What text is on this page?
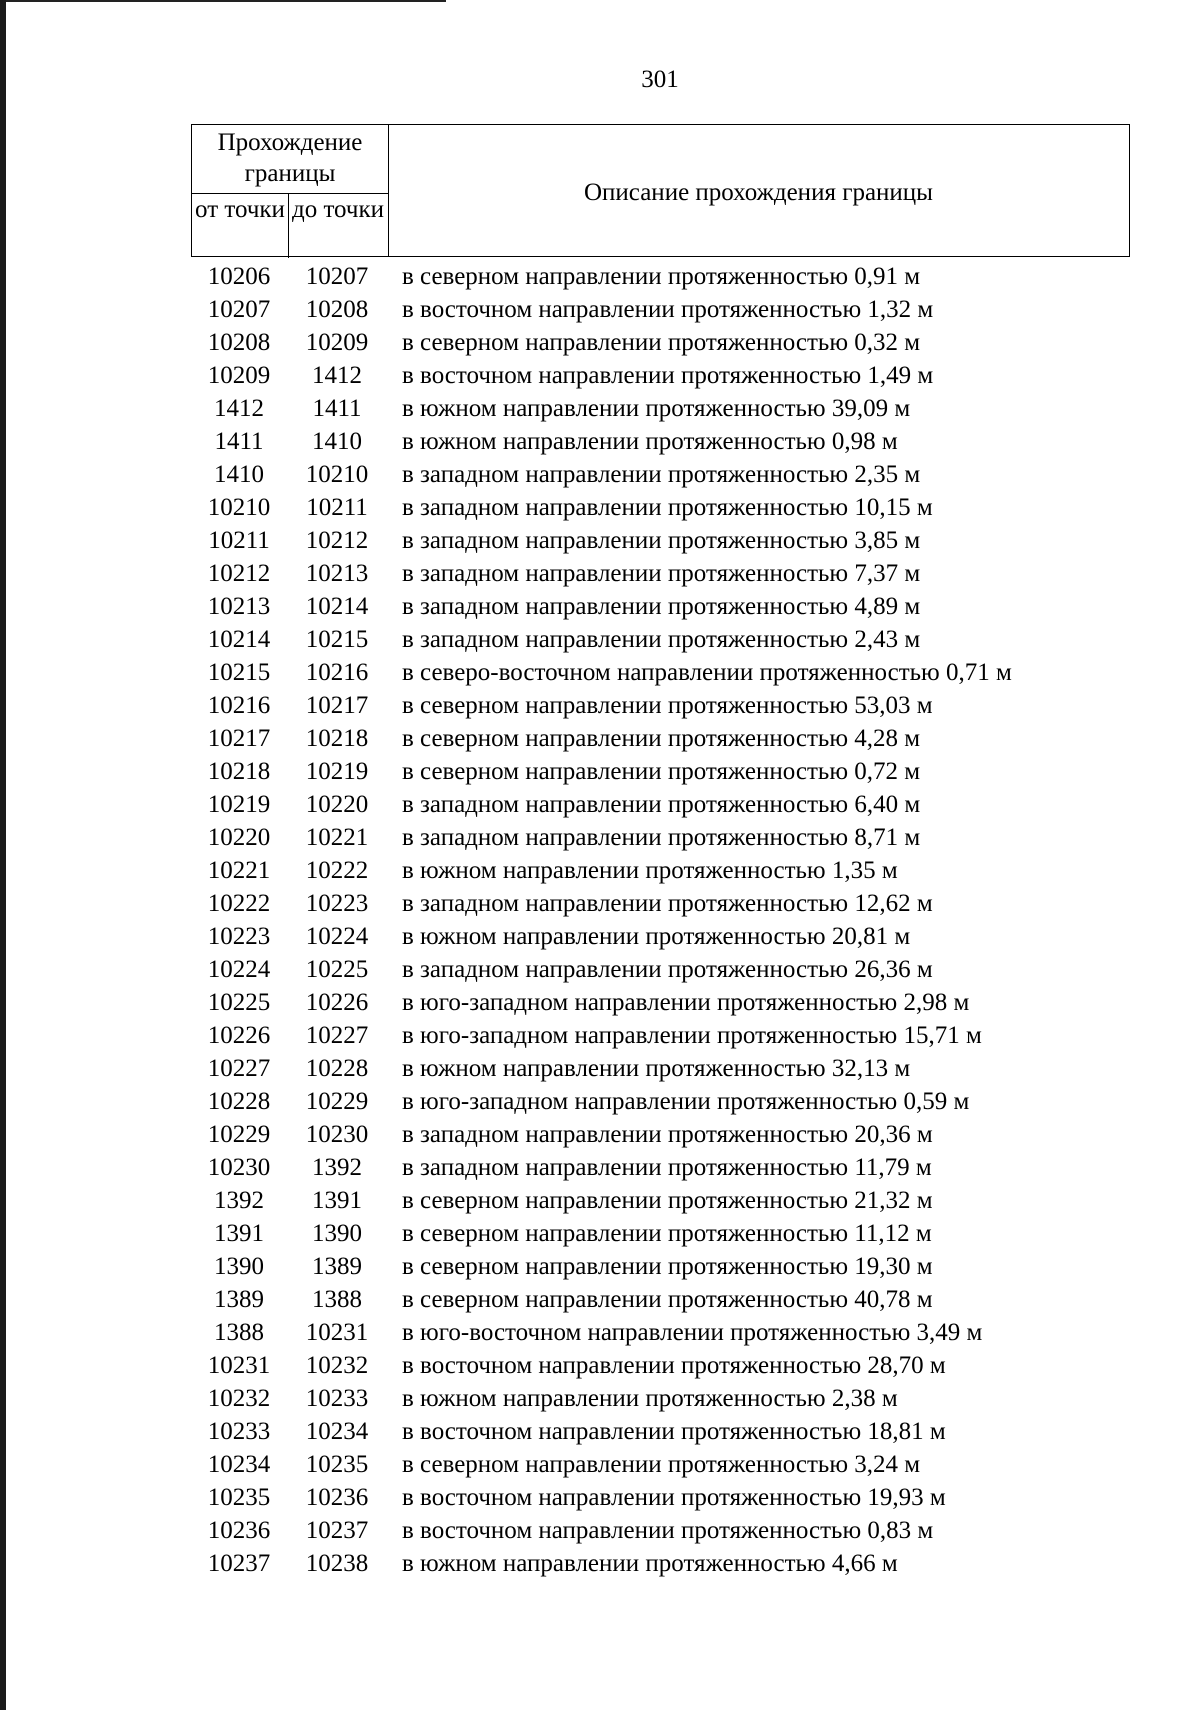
301
Прохождение границы
от точки до точки
Описание прохождения границы
10206	10207	в северном направлении протяженностью 0,91 м
10207	10208	в восточном направлении протяженностью 1,32 м
10208	10209	в северном направлении протяженностью 0,32 м
10209	1412	в восточном направлении протяженностью 1,49 м
1412	1411	в южном направлении протяженностью 39,09 м
1411	1410	в южном направлении протяженностью 0,98 м
1410	10210	в западном направлении протяженностью 2,35 м
10210	10211	в западном направлении протяженностью 10,15 м
10211	10212	в западном направлении протяженностью 3,85 м
10212	10213	в западном направлении протяженностью 7,37 м
10213	10214	в западном направлении протяженностью 4,89 м
10214	10215	в западном направлении протяженностью 2,43 м
10215	10216	в северо-восточном направлении протяженностью 0,71 м
10216	10217	в северном направлении протяженностью 53,03 м
10217	10218	в северном направлении протяженностью 4,28 м
10218	10219	в северном направлении протяженностью 0,72 м
10219	10220	в западном направлении протяженностью 6,40 м
10220	10221	в западном направлении протяженностью 8,71 м
10221	10222	в южном направлении протяженностью 1,35 м
10222	10223	в западном направлении протяженностью 12,62 м
10223	10224	в южном направлении протяженностью 20,81 м
10224	10225	в западном направлении протяженностью 26,36 м
10225	10226	в юго-западном направлении протяженностью 2,98 м
10226	10227	в юго-западном направлении протяженностью 15,71 м
10227	10228	в южном направлении протяженностью 32,13 м
10228	10229	в юго-западном направлении протяженностью 0,59 м
10229	10230	в западном направлении протяженностью 20,36 м
10230	1392	в западном направлении протяженностью 11,79 м
1392	1391	в северном направлении протяженностью 21,32 м
1391	1390	в северном направлении протяженностью 11,12 м
1390	1389	в северном направлении протяженностью 19,30 м
1389	1388	в северном направлении протяженностью 40,78 м
1388	10231	в юго-восточном направлении протяженностью 3,49 м
10231	10232	в восточном направлении протяженностью 28,70 м
10232	10233	в южном направлении протяженностью 2,38 м
10233	10234	в восточном направлении протяженностью 18,81 м
10234	10235	в северном направлении протяженностью 3,24 м
10235	10236	в восточном направлении протяженностью 19,93 м
10236	10237	в восточном направлении протяженностью 0,83 м
10237	10238	в южном направлении протяженностью 4,66 м
